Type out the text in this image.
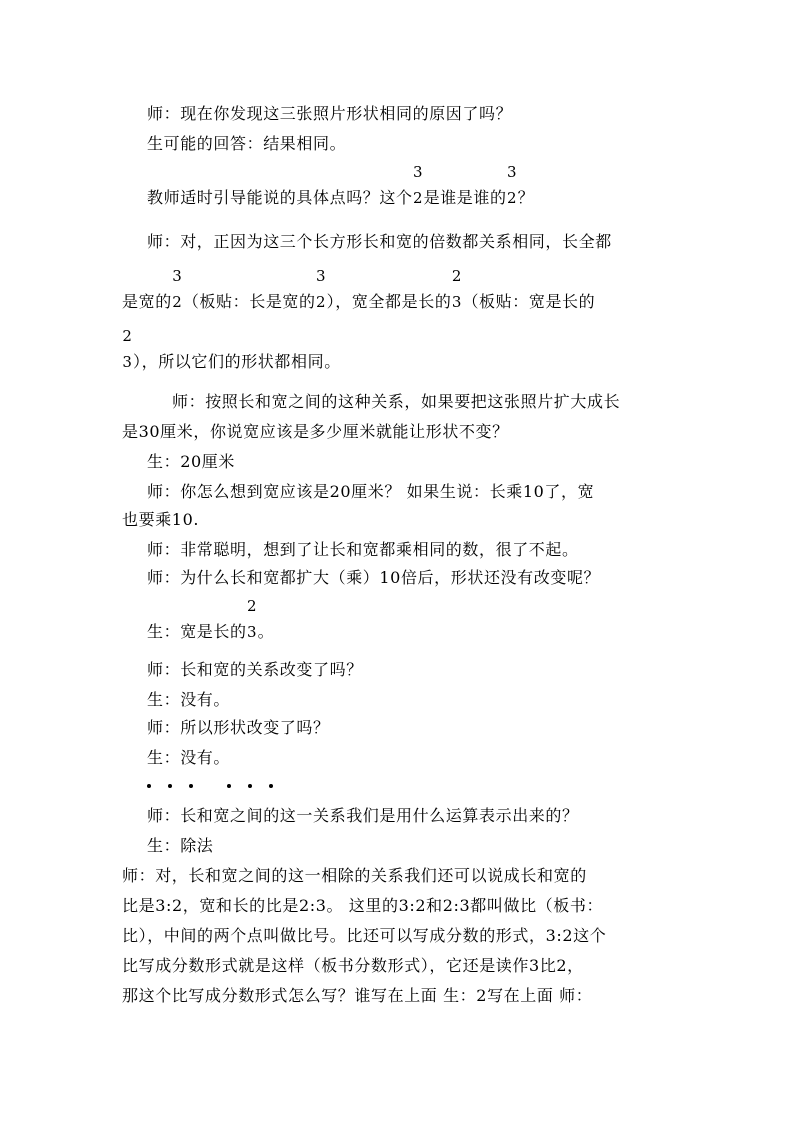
师：现在你发现这三张照片形状相同的原因了吗？
生可能的回答：结果相同。
教师适时引导能说的具体点吗？这个
3
2 是谁是谁的
3
2 ？
师：对，正因为这三个长方形长和宽的倍数都关系相同，长全都
是宽的
3
2 （板贴：长是宽的
3
2 ），宽全都是长的
2
3 （板贴：宽是长的
2
3 ），所以它们的形状都相同。
师：按照长和宽之间的这种关系，如果要把这张照片扩大成长
是30厘米，你说宽应该是多少厘米就能让形状不变？
生：20厘米
师：你怎么想到宽应该是20厘米？ 如果生说：长乘10了，宽
也要乘10.
师：非常聪明，想到了让长和宽都乘相同的数，很了不起。
师：为什么长和宽都扩大（乘）10倍后，形状还没有改变呢？
生：宽是长的
2
3 。
师：长和宽的关系改变了吗？
生：没有。
师：所以形状改变了吗？
生：没有。
师：长和宽之间的这一关系我们是用什么运算表示出来的？
生：除法
师：对，长和宽之间的这一相除的关系我们还可以说成长和宽的
比是3:2，宽和长的比是2:3。 这里的3:2和2:3都叫做比（板书：
比），中间的两个点叫做比号。比还可以写成分数的形式，3:2这个
比写成分数形式就是这样（板书分数形式），它还是读作3比2，
那这个比写成分数形式怎么写？谁写在上面 生：2写在上面 师：
